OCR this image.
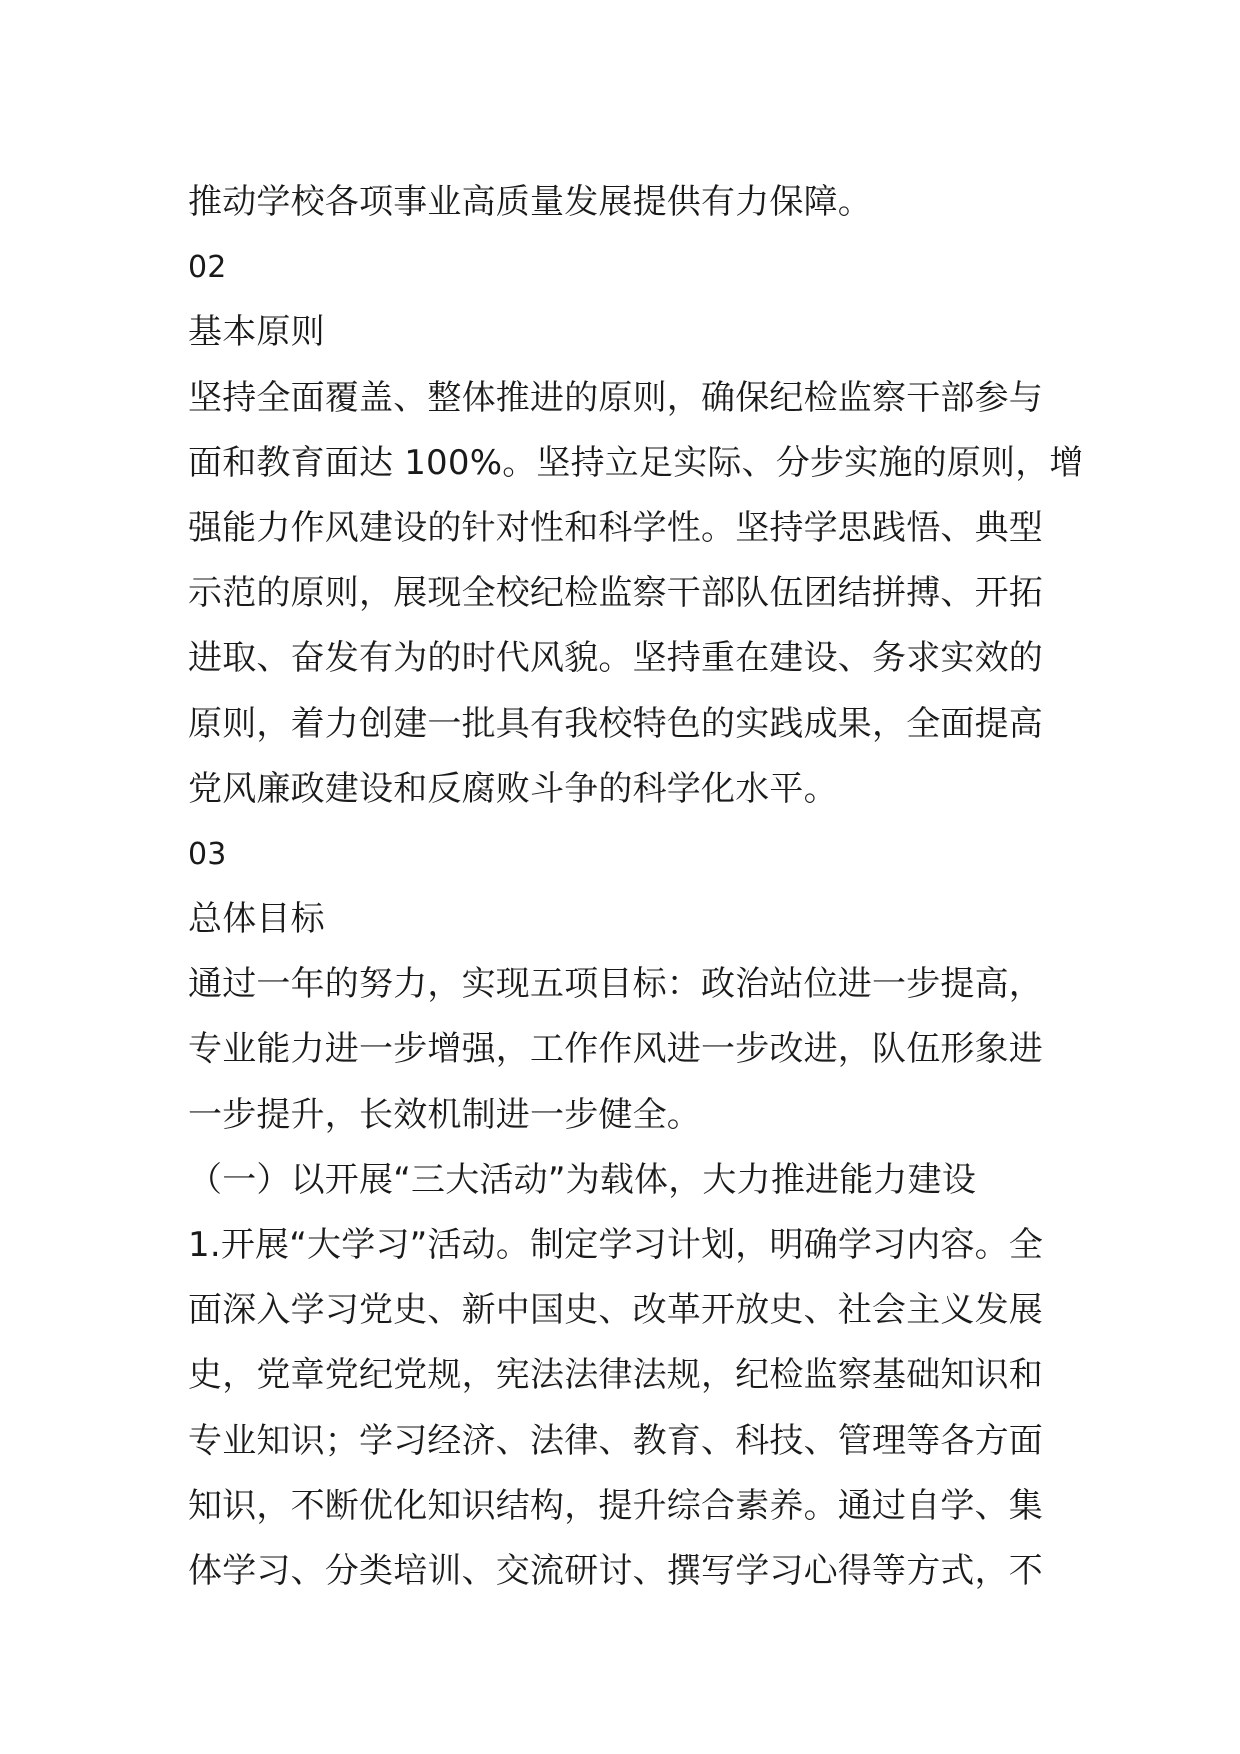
推动学校各项事业高质量发展提供有力保障。
02
基本原则
坚持全面覆盖、整体推进的原则，确保纪检监察干部参与
面和教育面达 100%。坚持立足实际、分步实施的原则，增
强能力作风建设的针对性和科学性。坚持学思践悟、典型
示范的原则，展现全校纪检监察干部队伍团结拼搏、开拓
进取、奋发有为的时代风貌。坚持重在建设、务求实效的
原则，着力创建一批具有我校特色的实践成果，全面提高
党风廉政建设和反腐败斗争的科学化水平。
03
总体目标
通过一年的努力，实现五项目标：政治站位进一步提高，
专业能力进一步增强，工作作风进一步改进，队伍形象进
一步提升，长效机制进一步健全。
（一）以开展“三大活动”为载体，大力推进能力建设
1.开展“大学习”活动。制定学习计划，明确学习内容。全
面深入学习党史、新中国史、改革开放史、社会主义发展
史，党章党纪党规，宪法法律法规，纪检监察基础知识和
专业知识；学习经济、法律、教育、科技、管理等各方面
知识，不断优化知识结构，提升综合素养。通过自学、集
体学习、分类培训、交流研讨、撰写学习心得等方式，不
